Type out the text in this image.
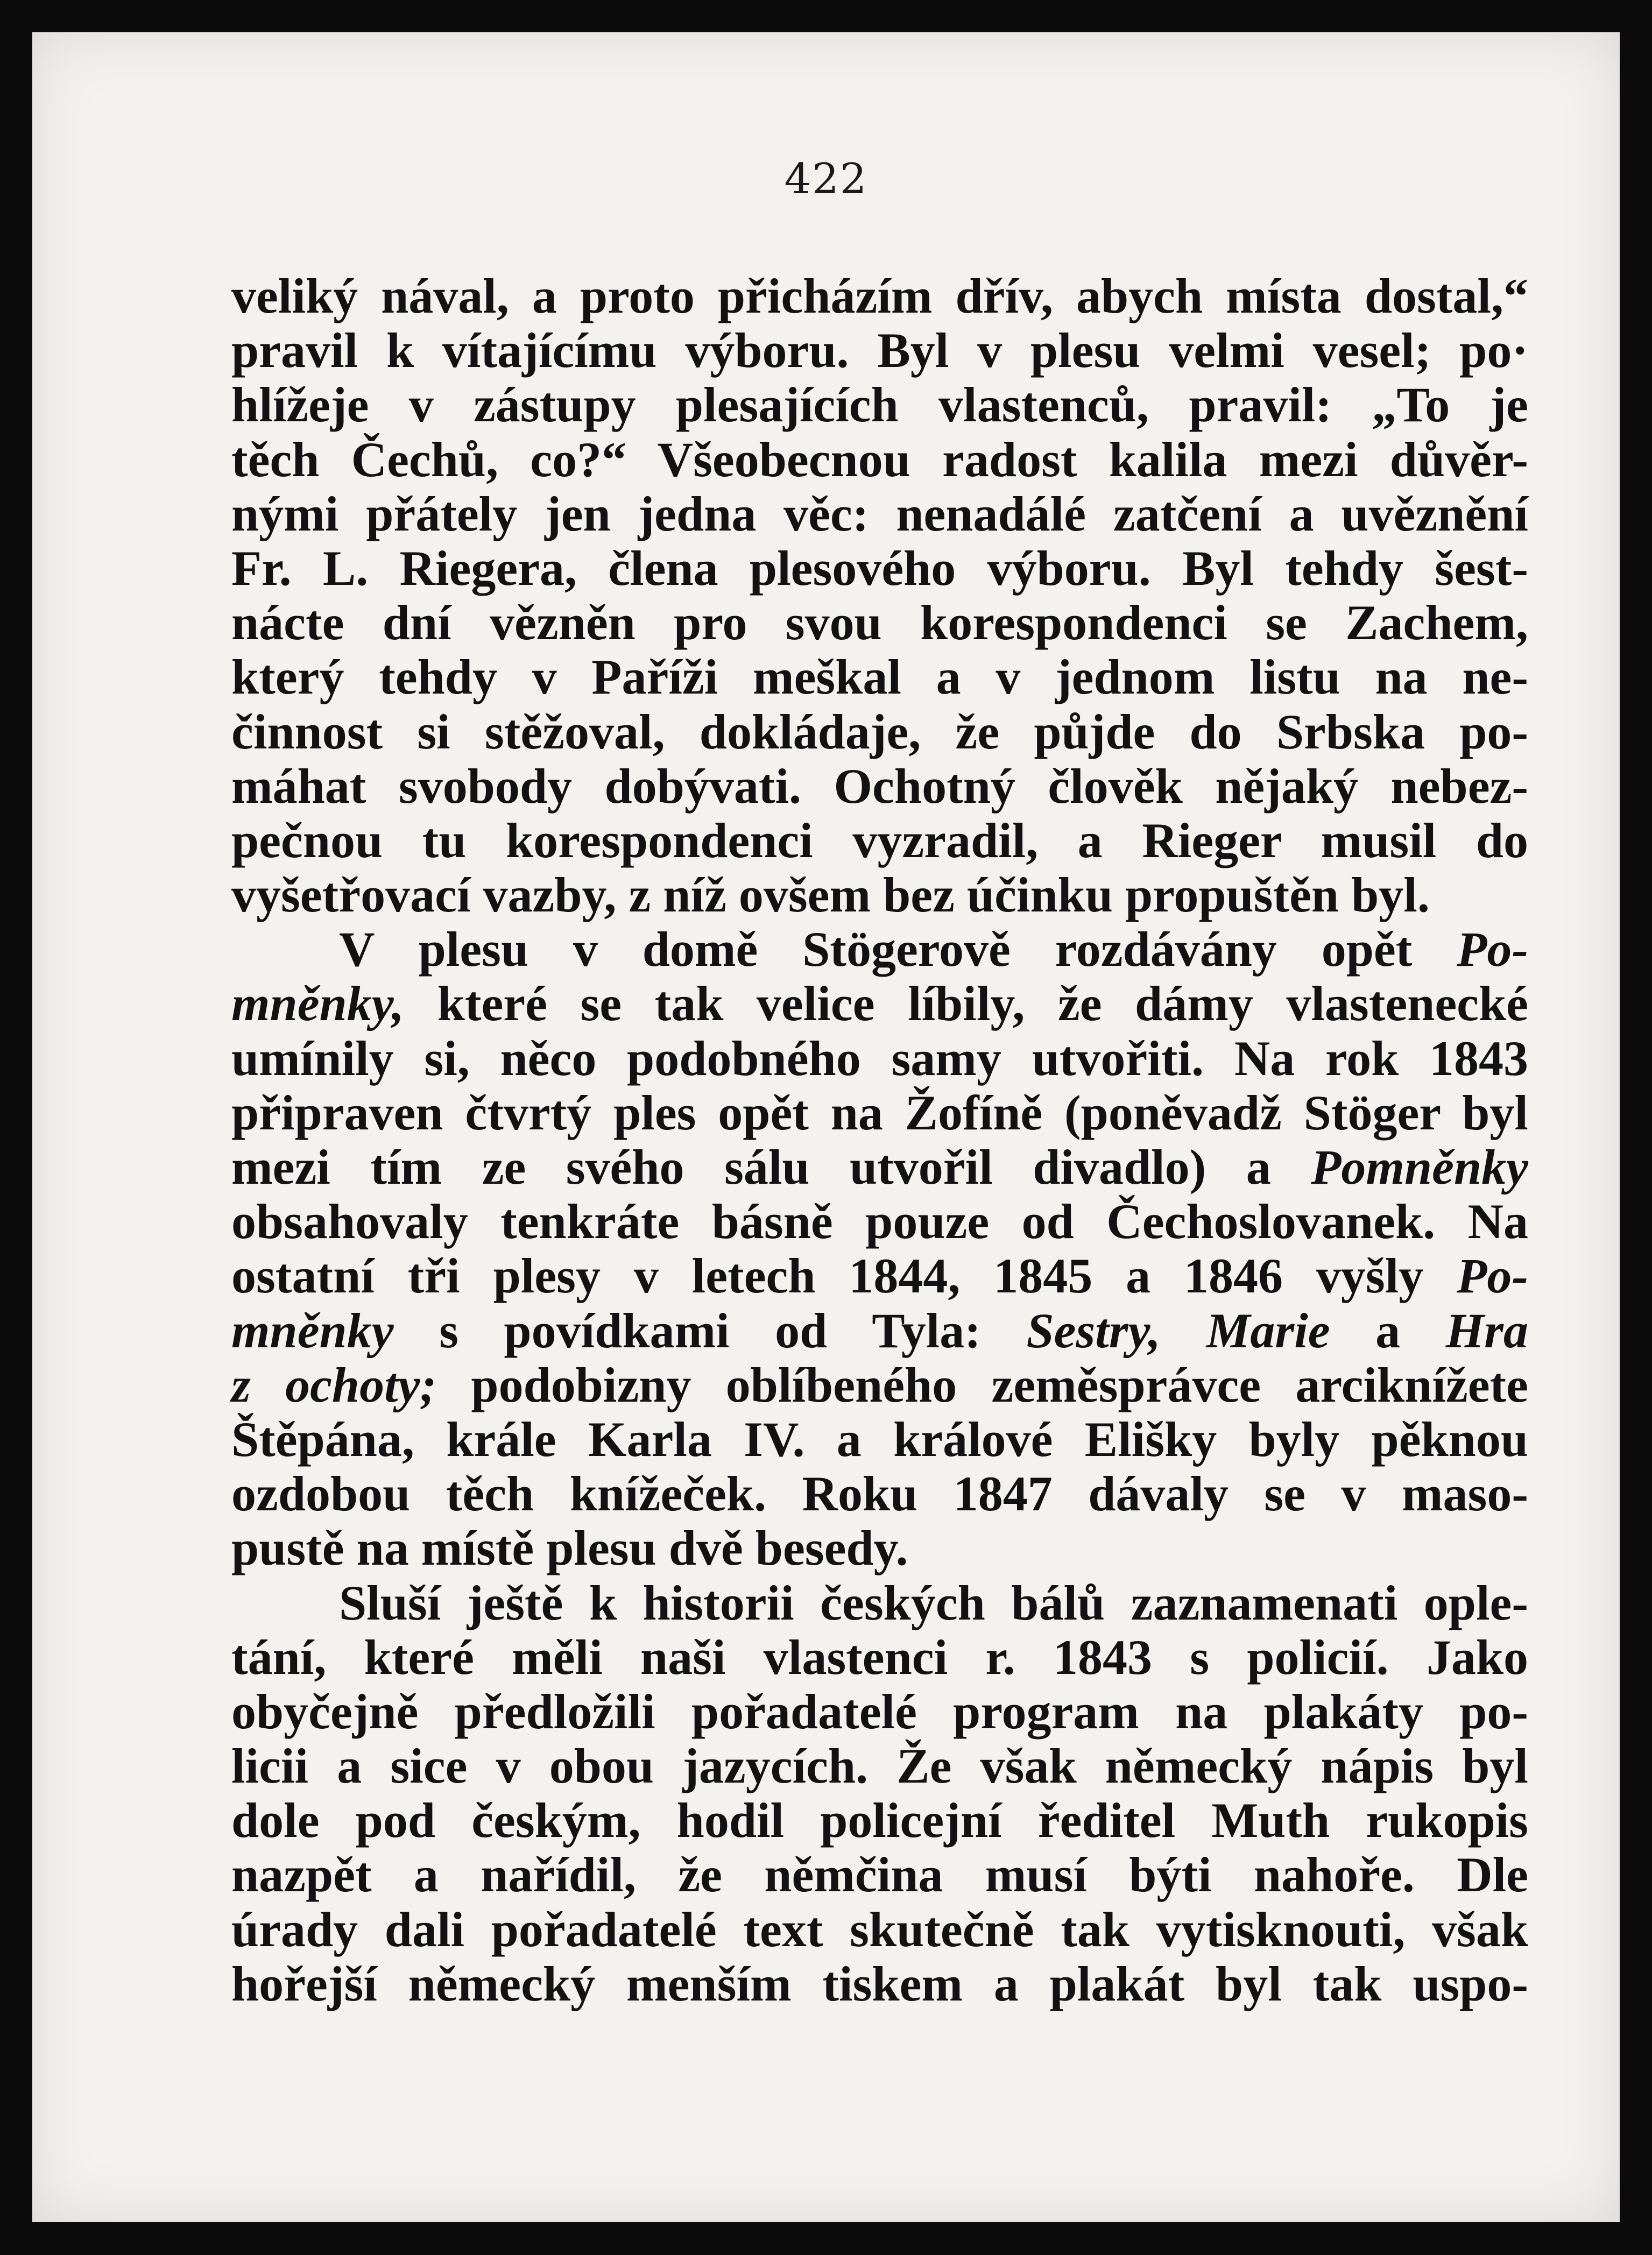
422
veliký nával, a proto přicházím dřív, abych místa dostal,“
pravil k vítajícímu výboru. Byl v plesu velmi vesel; po·
hlížeje v zástupy plesajících vlastenců, pravil: „To je
těch Čechů, co?“ Všeobecnou radost kalila mezi důvěr-
nými přátely jen jedna věc: nenadálé zatčení a uvěznění
Fr. L. Riegera, člena plesového výboru. Byl tehdy šest-
nácte dní vězněn pro svou korespondenci se Zachem,
který tehdy v Paříži meškal a v jednom listu na ne-
činnost si stěžoval, dokládaje, že půjde do Srbska po-
máhat svobody dobývati. Ochotný člověk nějaký nebez-
pečnou tu korespondenci vyzradil, a Rieger musil do
vyšetřovací vazby, z níž ovšem bez účinku propuštěn byl.
V plesu v domě Stögerově rozdávány opět Po-
mněnky, které se tak velice líbily, že dámy vlastenecké
umínily si, něco podobného samy utvořiti. Na rok 1843
připraven čtvrtý ples opět na Žofíně (poněvadž Stöger byl
mezi tím ze svého sálu utvořil divadlo) a Pomněnky
obsahovaly tenkráte básně pouze od Čechoslovanek. Na
ostatní tři plesy v letech 1844, 1845 a 1846 vyšly Po-
mněnky s povídkami od Tyla: Sestry, Marie a Hra
z ochoty; podobizny oblíbeného zeměsprávce arciknížete
Štěpána, krále Karla IV. a králové Elišky byly pěknou
ozdobou těch knížeček. Roku 1847 dávaly se v maso-
pustě na místě plesu dvě besedy.
Sluší ještě k historii českých bálů zaznamenati ople-
tání, které měli naši vlastenci r. 1843 s policií. Jako
obyčejně předložili pořadatelé program na plakáty po-
licii a sice v obou jazycích. Že však německý nápis byl
dole pod českým, hodil policejní ředitel Muth rukopis
nazpět a nařídil, že němčina musí býti nahoře. Dle
úrady dali pořadatelé text skutečně tak vytisknouti, však
hořejší německý menším tiskem a plakát byl tak uspo-
